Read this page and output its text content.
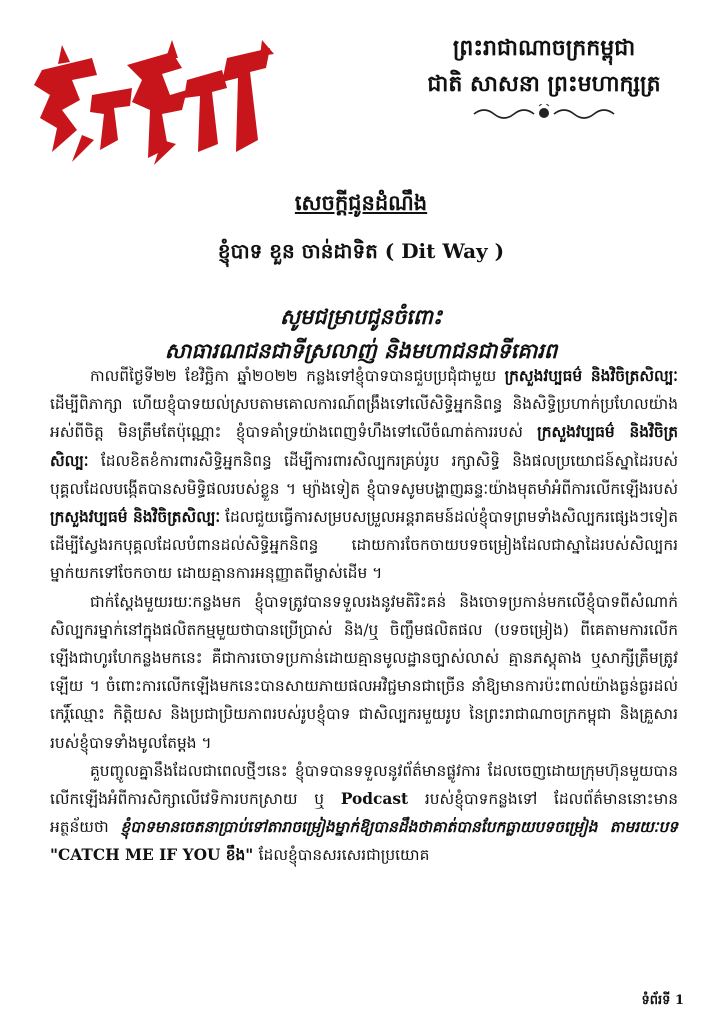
ព្រះរាជាណាចក្រកម្ពុជា
ជាតិ សាសនា ព្រះមហាក្សត្រ
សេចក្តីជូនដំណឹង
ខ្ញុំបាទ ខួន ចាន់ដាទិត ( Dit Way )
សូមជម្រាបជូនចំពោះ
សាធារណជនជាទីស្រលាញ់ និងមហាជនជាទីគោរព

កាលពីថ្ងៃទី២២ ខែវិច្ឆិកា ឆ្នាំ២០២២ កន្លងទៅខ្ញុំបាទបានជួបប្រជុំជាមួយ ក្រសួងវប្បធម៌ និងវិចិត្រសិល្បៈ ដើម្បីពិភាក្សា ហើយខ្ញុំបាទយល់ស្របតាមគោលការណ៍ពង្រឹងទៅលើសិទ្ធិអ្នកនិពន្ធ និងសិទ្ធិប្រហាក់ប្រហែលយ៉ាងអស់ពីចិត្ត មិនត្រឹមតែប៉ុណ្ណោះ ខ្ញុំបាទគាំទ្រយ៉ាងពេញទំហឹងទៅលើចំណាត់ការរបស់ ក្រសួងវប្បធម៌ និងវិចិត្រសិល្បៈ ដែលខិតខំការពារសិទ្ធិអ្នកនិពន្ធ ដើម្បីការពារសិល្បករគ្រប់រូប រក្សាសិទ្ធិ និងផលប្រយោជន៍ស្នាដៃរបស់បុគ្គលដែលបង្កើតបានសមិទ្ធិផលរបស់ខ្លួន ។ ម្យ៉ាងទៀត ខ្ញុំបាទសូមបង្ហាញឆន្ទៈយ៉ាងមុតមាំអំពីការលើកឡើងរបស់ ក្រសួងវប្បធម៌ និងវិចិត្រសិល្បៈ ដែលជួយធ្វើការសម្របសម្រួលអន្តរាគមន៍ដល់ខ្ញុំបាទព្រមទាំងសិល្បករផ្សេងៗទៀត ដើម្បីស្វែងរកបុគ្គលដែលបំពានដល់សិទ្ធិអ្នកនិពន្ធ ដោយការចែកចាយបទចម្រៀងដែលជាស្នាដៃរបស់សិល្បករម្នាក់យកទៅចែកចាយ ដោយគ្មានការអនុញ្ញាតពីម្ចាស់ដើម ។

ជាក់ស្តែងមួយរយៈកន្លងមក ខ្ញុំបាទត្រូវបានទទួលរងនូវមតិរិះគន់ និងចោទប្រកាន់មកលើខ្ញុំបាទពីសំណាក់សិល្បករម្នាក់នៅក្នុងផលិតកម្មមួយថាបានប្រើប្រាស់ និង/ឬ ចិញ្ចឹមផលិតផល (បទចម្រៀង) ពីគេតាមការលើកឡើងជាហូរហែកន្លងមកនេះ គឺជាការចោទប្រកាន់ដោយគ្មានមូលដ្ឋានច្បាស់លាស់ គ្មានភស្តុតាង ឬសាក្សីត្រឹមត្រូវឡើយ ។ ចំពោះការលើកឡើងមកនេះបានសាយភាយផលអវិជ្ជមានជាច្រើន នាំឱ្យមានការប៉ះពាល់យ៉ាងធ្ងន់ធ្ងរដល់កេរ្តិ៍ឈ្មោះ កិត្តិយស និងប្រជាប្រិយភាពរបស់រូបខ្ញុំបាទ ជាសិល្បករមួយរូប នៃព្រះរាជាណាចក្រកម្ពុជា និងគ្រួសាររបស់ខ្ញុំបាទទាំងមូលតែម្តង ។

គួបញ្ចូលគ្នានឹងដែលជាពេលថ្មីៗនេះ ខ្ញុំបាទបានទទួលនូវព័ត៌មានផ្លូវការ ដែលចេញដោយក្រុមហ៊ុនមួយបានលើកឡើងអំពីការសិក្សាលើវេទិការបកស្រាយ ឬ Podcast របស់ខ្ញុំបាទកន្លងទៅ ដែលព័ត៌មាននោះមានអត្ថន័យថា ខ្ញុំបាទមានចេតនាប្រាប់ទៅតារាចម្រៀងម្នាក់ឱ្យបានដឹងថាគាត់បានបែកធ្លាយបទចម្រៀង តាមរយៈបទ "CATCH ME IF YOU ខឹង" ដែលខ្ញុំបានសរសេរជាប្រយោគ

ទំព័រទី 1
